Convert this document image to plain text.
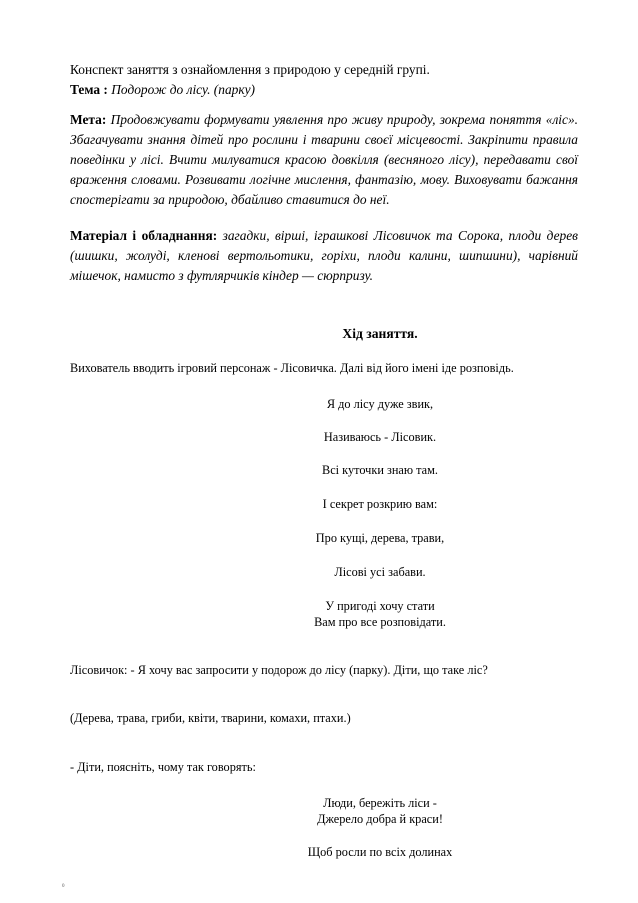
Конспект заняття з ознайомлення з природою у середній групі.
Тема : Подорож до лісу. (парку)
Мета: Продовжувати формувати уявлення про живу природу, зокрема поняття «ліс». Збагачувати знання дітей про рослини і тварини своєї місцевості. Закріпити правила поведінки у лісі. Вчити милуватися красою довкілля (весняного лісу), передавати свої враження словами. Розвивати логічне мислення, фантазію, мову. Виховувати бажання спостерігати за природою, дбайливо ставитися до неї.
Матеріал і обладнання: загадки, вірші, іграшкові Лісовичок та Сорока, плоди дерев (шишки, жолуді, кленові вертольотики, горіхи, плоди калини, шипшини), чарівний мішечок, намисто з футлярчиків кіндер — сюрпризу.
Хід заняття.
Вихователь вводить ігровий персонаж - Лісовичка. Далі від його імені іде розповідь.
Я до лісу дуже звик,
Називаюсь - Лісовик.
Всі куточки знаю там.
І секрет розкрию вам:
Про кущі, дерева, трави,
Лісові усі забави.
У пригоді хочу стати
Вам про все розповідати.
Лісовичок: - Я хочу вас запросити у подорож до лісу (парку). Діти, що таке ліс?
(Дерева, трава, гриби, квіти, тварини, комахи, птахи.)
- Діти, поясніть, чому так говорять:
Люди, бережіть ліси -
Джерело добра й краси!
Щоб росли по всіх долинах
0
